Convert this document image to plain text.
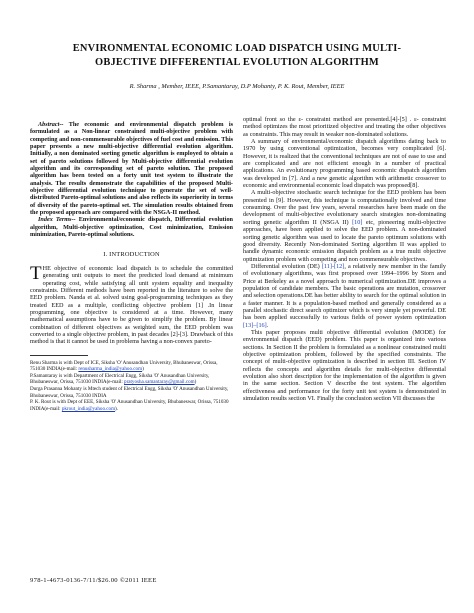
ENVIRONMENTAL ECONOMIC LOAD DISPATCH USING MULTI-
OBJECTIVE DIFFERENTIAL EVOLUTION ALGORITHM
R. Sharma , Member, IEEE, P.Samantaray, D.P Mohanty, P. K. Rout, Member, IEEE

Abstract-- The economic and environmental dispatch problem is formulated as a Non-linear constrained multi-objective problem with competing and non-commensurable objectives of fuel cost and emission. This paper presents a new multi-objective differential evolution algorithm. Initially, a non dominated sorting genetic algorithm is employed to obtain a set of pareto solutions followed by Multi-objective differential evolution algorithm and its corresponding set of pareto solution. The proposed algorithm has been tested on a forty unit test system to illustrate the analysis. The results demonstrate the capabilities of the proposed Multi-objective differential evolution technique to generate the set of well-distributed Pareto-optimal solutions and also reflects its superiority in terms of diversity of the pareto-optimal set. The simulation results obtained from the proposed approach are compared with the NSGA-II method.

Index Terms-- Environmental/economic dispatch, Differential evolution algorithm, Multi-objective optimization, Cost minimization, Emission minimization, Pareto-optimal solutions.

I. INTRODUCTION

THE objective of economic load dispatch is to schedule the committed generating unit outputs to meet the predicted load demand at minimum operating cost, while satisfying all unit system equality and inequality constraints. Different methods have been reported in the literature to solve the EED problem. Nanda et al. solved using goal-programming techniques as they treated EED as a multiple, conflicting objective problem [1] .In linear programming, one objective is considered at a time. However, many mathematical assumptions have to be given to simplify the problem. By linear combination of different objectives as weighted sum, the EED problem was converted to a single objective problem, in past decades [2]-[3]. Drawback of this method is that it cannot be used in problems having a non-convex pareto-

Renu Sharma is with Dept of ICE, Siksha 'O' Anusandhan University, Bhubaneswar, Orissa, 751030 INDIA(e-mail: renusharma_india@yahoo.com)

P.Samantaray is with Department of Electrical Engg, Siksha 'O' Anusandhan University, Bhubaneswar, Orissa, 751030 INDIA(e-mail: pratyosha.samantaray@gmail.com)

Durga Prasanna Mohanty is Mtech student of Electrical Engg, Siksha 'O' Anusandhan University, Bhubaneswar, Orissa, 751030 INDIA

P. K. Rout is with Dept of EEE, Siksha 'O' Anusandhan University, Bhubaneswar, Orissa, 751030 INDIA(e-mail: pkrout_india@yahoo.com).

978-1-4673-0136-7/11/$26.00 ©2011 IEEE

optimal front so the ε- constraint method are presented.[4]-[5] . ε- constraint method optimizes the most prioritized objective and treating the other objectives as constraints. This may result in weaker non-dominated solutions.

A summary of environmental/economic dispatch algorithms dating back to 1970 by using conventional optimization, becomes very complicated [6]. However, it is realized that the conventional techniques are not of ease to use and are complicated and are not efficient enough in a number of practical applications. An evolutionary programming based economic dispatch algorithm was developed in [7]. And a new genetic algorithm with arithmetic crossover to economic and environmental economic load dispatch was proposed[8].

A multi-objective stochastic search technique for the EED problem has been presented in [9]. However, this technique is computationally involved and time consuming. Over the past few years, several researches have been made on the development of multi-objective evolutionary search strategies non-dominating sorting genetic algorithm II (NSGA II) [10] etc, pioneering multi-objective approaches, have been applied to solve the EED problem. A non-dominated sorting genetic algorithm was used to locate the pareto optimum solutions with good diversity. Recently Non-dominated Sorting algorithm II was applied to handle dynamic economic emission dispatch problem as a true multi objective optimization problem with competing and non commensurable objectives.

Differential evolution (DE) [11]-[12], a relatively new member in the family of evolutionary algorithms, was first proposed over 1994–1996 by Storn and Price at Berkeley as a novel approach to numerical optimization.DE improves a population of candidate members. The basic operations are mutation, crossover and selection operations.DE has better ability to search for the optimal solution in a faster manner. It is a population-based method and generally considered as a parallel stochastic direct search optimizer which is very simple yet powerful. DE has been applied successfully to various fields of power system optimization [13]–[16].

This paper proposes multi objective differential evolution (MODE) for environmental dispatch (EED) problem. This paper is organized into various sections. In Section II the problem is formulated as a nonlinear constrained multi objective optimization problem, followed by the specified constraints. The concept of multi-objective optimization is described in section III. Section IV reflects the concepts and algorithm details for multi-objective differential evolution also short description for the implementation of the algorithm is given in the same section. Section V describe the test system. The algorithm effectiveness and performance for the forty unit test system is demonstrated in simulation results section VI. Finally the conclusion section VII discusses the
